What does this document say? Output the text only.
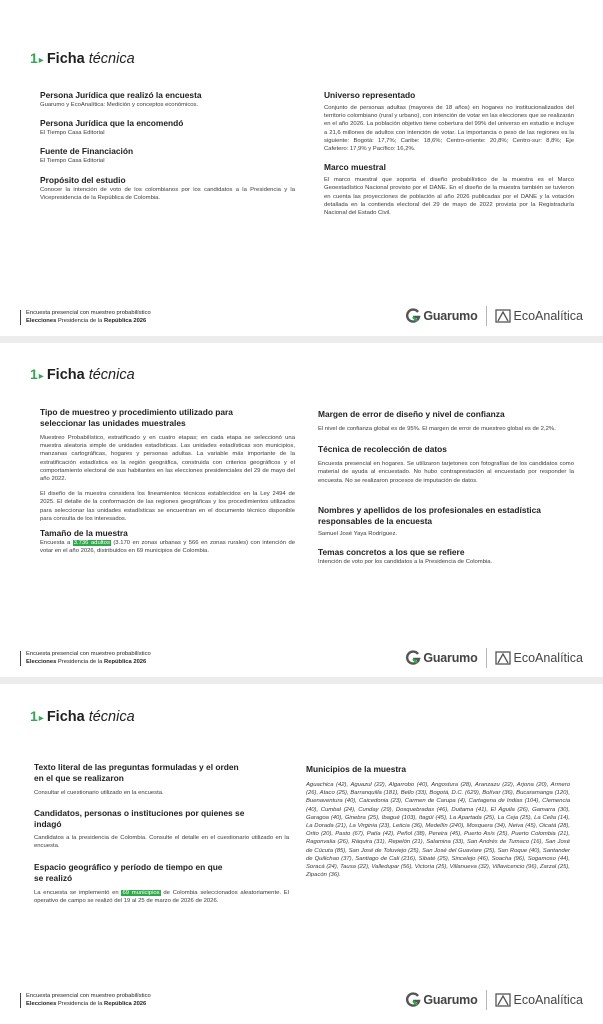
1 ▸ Ficha técnica
Persona Jurídica que realizó la encuesta

Guarumo y EcoAnalítica: Medición y conceptos económicos.

Persona Jurídica que la encomendó

El Tiempo Casa Editorial

Fuente de Financiación

El Tiempo Casa Editorial

Propósito del estudio

Conocer la intención de voto de los colombianos por los candidatos a la Presidencia y la Vicepresidencia de la República de Colombia.

Universo representado

Conjunto de personas adultas (mayores de 18 años) en hogares no institucionalizados del territorio colombiano (rural y urbano), con intención de votar en las elecciones que se realizarán en el año 2026. La población objetivo tiene cobertura del 99% del universo en estudio e incluye a 21,6 millones de adultos con intención de votar. La importancia o peso de las regiones es la siguiente: Bogotá: 17,7%; Caribe: 18,6%; Centro-oriente: 20,8%; Centro-sur: 8,8%; Eje Cafetero: 17,9% y Pacífico: 16,2%.

Marco muestral

El marco muestral que soporta el diseño probabilístico de la muestra es el Marco Geoestadístico Nacional provisto por el DANE. En el diseño de la muestra también se tuvieron en cuenta las proyecciones de población al año 2026 publicadas por el DANE y la votación detallada en la contienda electoral del 29 de mayo de 2022 provista por la Registraduría Nacional del Estado Civil.

Encuesta presencial con muestreo probabilístico
Elecciones Presidencia de la República 2026	Guarumo	EcoAnalítica
1 ▸ Ficha técnica
Tipo de muestreo y procedimiento utilizado para seleccionar las unidades muestrales

Muestreo Probabilístico, estratificado y en cuatro etapas; en cada etapa se seleccionó una muestra aleatoria simple de unidades estadísticas. Las unidades estadísticas son municipios, manzanas cartográficas, hogares y personas adultas. La variable más importante de la estratificación estadística es la región geográfica, construida con criterios geográficos y el comportamiento electoral de sus habitantes en las elecciones presidenciales del 29 de mayo del año 2022.

El diseño de la muestra considera los lineamientos técnicos establecidos en la Ley 2494 de 2025. El detalle de la conformación de las regiones geográficas y los procedimientos utilizados para seleccionar las unidades estadísticas se encuentran en el documento técnico disponible para consulta de los interesados.

Tamaño de la muestra

Encuesta a 3.736 adultos (3.170 en zonas urbanas y 566 en zonas rurales) con intención de votar en el año 2026, distribuidos en 69 municipios de Colombia.

Margen de error de diseño y nivel de confianza

El nivel de confianza global es de 95%. El margen de error de muestreo global es de 2,2%.

Técnica de recolección de datos

Encuesta presencial en hogares. Se utilizaron tarjetones con fotografías de los candidatos como material de ayuda al encuestado. No hubo contraprestación al encuestado por responder la encuesta. No se realizaron procesos de imputación de datos.

Nombres y apellidos de los profesionales en estadística responsables de la encuesta

Samuel José Yaya Rodríguez.

Temas concretos a los que se refiere

Intención de voto por los candidatos a la Presidencia de Colombia.

Encuesta presencial con muestreo probabilístico
Elecciones Presidencia de la República 2026	Guarumo	EcoAnalítica
1 ▸ Ficha técnica
Texto literal de las preguntas formuladas y el orden en el que se realizaron

Consultar el cuestionario utilizado en la encuesta.

Candidatos, personas o instituciones por quienes se indagó

Candidatos a la presidencia de Colombia. Consulte el detalle en el cuestionario utilizado en la encuesta.

Espacio geográfico y período de tiempo en que se realizó

La encuesta se implementó en 69 municipios de Colombia seleccionados aleatoriamente. El operativo de campo se realizó del 19 al 25 de marzo de 2026 de 2026.

Municipios de la muestra

Aguachica (42), Aguazul (22), Algarrobo (40), Angostura (28), Aranzazu (22), Arjona (20), Armero (26), Ataco (25), Barranquilla (181), Bello (33), Bogotá, D.C. (629), Bolívar (36), Bucaramanga (120), Buenaventura (40), Caicedonia (23), Carmen de Carupa (4), Cartagena de Indias (104), Clemencia (40), Cumbal (24), Cunday (29), Dosquebradas (46), Duitama (41), El Águila (26), Gamarra (30), Garagoa (40), Ginebra (25), Ibagué (103), Itagüí (45), La Apartada (25), La Ceja (25), La Celia (14), La Dorada (21), La Virginia (23), Leticia (36), Medellín (240), Mosquera (34), Neiva (45), Oicatá (28), Orito (20), Pasto (67), Patía (42), Peñol (38), Pereira (45), Puerto Asís (25), Puerto Colombia (21), Ragonvalia (26), Ráquira (31), Repelón (21), Salamina (33), San Andrés de Tumaco (16), San José de Cúcuta (85), San José de Toluviejo (25), San José del Guaviare (25), San Roque (40), Santander de Quilichao (37), Santiago de Cali (216), Sibaté (25), Sincelejo (46), Soacha (96), Sogamoso (44), Soracá (24), Tausa (22), Valledupar (56), Victoria (25), Villanueva (32), Villavicencio (96), Zarzal (25), Zipacón (36).

Encuesta presencial con muestreo probabilístico
Elecciones Presidencia de la República 2026	Guarumo	EcoAnalítica
